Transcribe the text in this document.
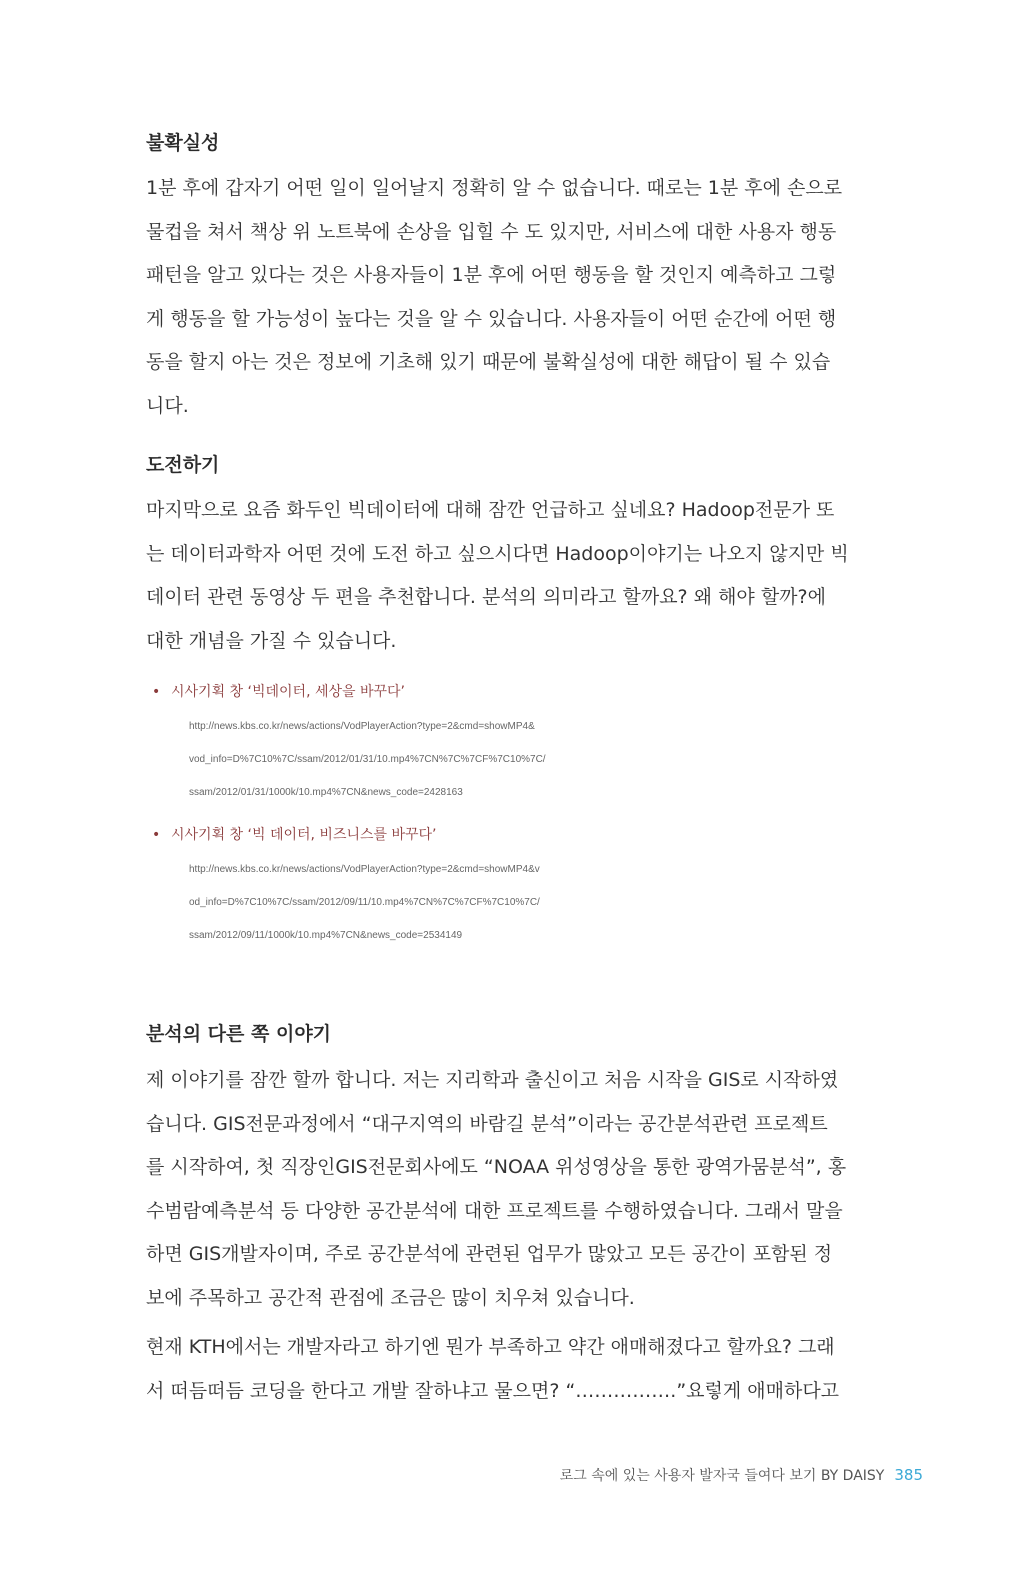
불확실성
1분 후에 갑자기 어떤 일이 일어날지 정확히 알 수 없습니다. 때로는 1분 후에 손으로
물컵을 쳐서 책상 위 노트북에 손상을 입힐 수 도 있지만, 서비스에 대한 사용자 행동
패턴을 알고 있다는 것은 사용자들이 1분 후에 어떤 행동을 할 것인지 예측하고 그렇
게 행동을 할 가능성이 높다는 것을 알 수 있습니다. 사용자들이 어떤 순간에 어떤 행
동을 할지 아는 것은 정보에 기초해 있기 때문에 불확실성에 대한 해답이 될 수 있습
니다.
도전하기
마지막으로 요즘 화두인 빅데이터에 대해 잠깐 언급하고 싶네요? Hadoop전문가 또
는 데이터과학자 어떤 것에 도전 하고 싶으시다면 Hadoop이야기는 나오지 않지만 빅
데이터 관련 동영상 두 편을 추천합니다. 분석의 의미라고 할까요? 왜 해야 할까?에
대한 개념을 가질 수 있습니다.
• 시사기획 창 ‘빅데이터, 세상을 바꾸다’
http://news.kbs.co.kr/news/actions/VodPlayerAction?type=2&cmd=showMP4&
vod_info=D%7C10%7C/ssam/2012/01/31/10.mp4%7CN%7C%7CF%7C10%7C/
ssam/2012/01/31/1000k/10.mp4%7CN&news_code=2428163
• 시사기획 창 ‘빅 데이터, 비즈니스를 바꾸다’
http://news.kbs.co.kr/news/actions/VodPlayerAction?type=2&cmd=showMP4&v
od_info=D%7C10%7C/ssam/2012/09/11/10.mp4%7CN%7C%7CF%7C10%7C/
ssam/2012/09/11/1000k/10.mp4%7CN&news_code=2534149
분석의 다른 쪽 이야기
제 이야기를 잠깐 할까 합니다. 저는 지리학과 출신이고 처음 시작을 GIS로 시작하였
습니다. GIS전문과정에서 “대구지역의 바람길 분석”이라는 공간분석관련 프로젝트
를 시작하여, 첫 직장인GIS전문회사에도 “NOAA 위성영상을 통한 광역가뭄분석”, 홍
수범람예측분석 등 다양한 공간분석에 대한 프로젝트를 수행하였습니다. 그래서 말을
하면 GIS개발자이며, 주로 공간분석에 관련된 업무가 많았고 모든 공간이 포함된 정
보에 주목하고 공간적 관점에 조금은 많이 치우쳐 있습니다.
현재 KTH에서는 개발자라고 하기엔 뭔가 부족하고 약간 애매해졌다고 할까요? 그래
서 떠듬떠듬 코딩을 한다고 개발 잘하냐고 물으면? “…………….”요렇게 애매하다고
로그 속에 있는 사용자 발자국 들여다 보기 BY DAISY 385
